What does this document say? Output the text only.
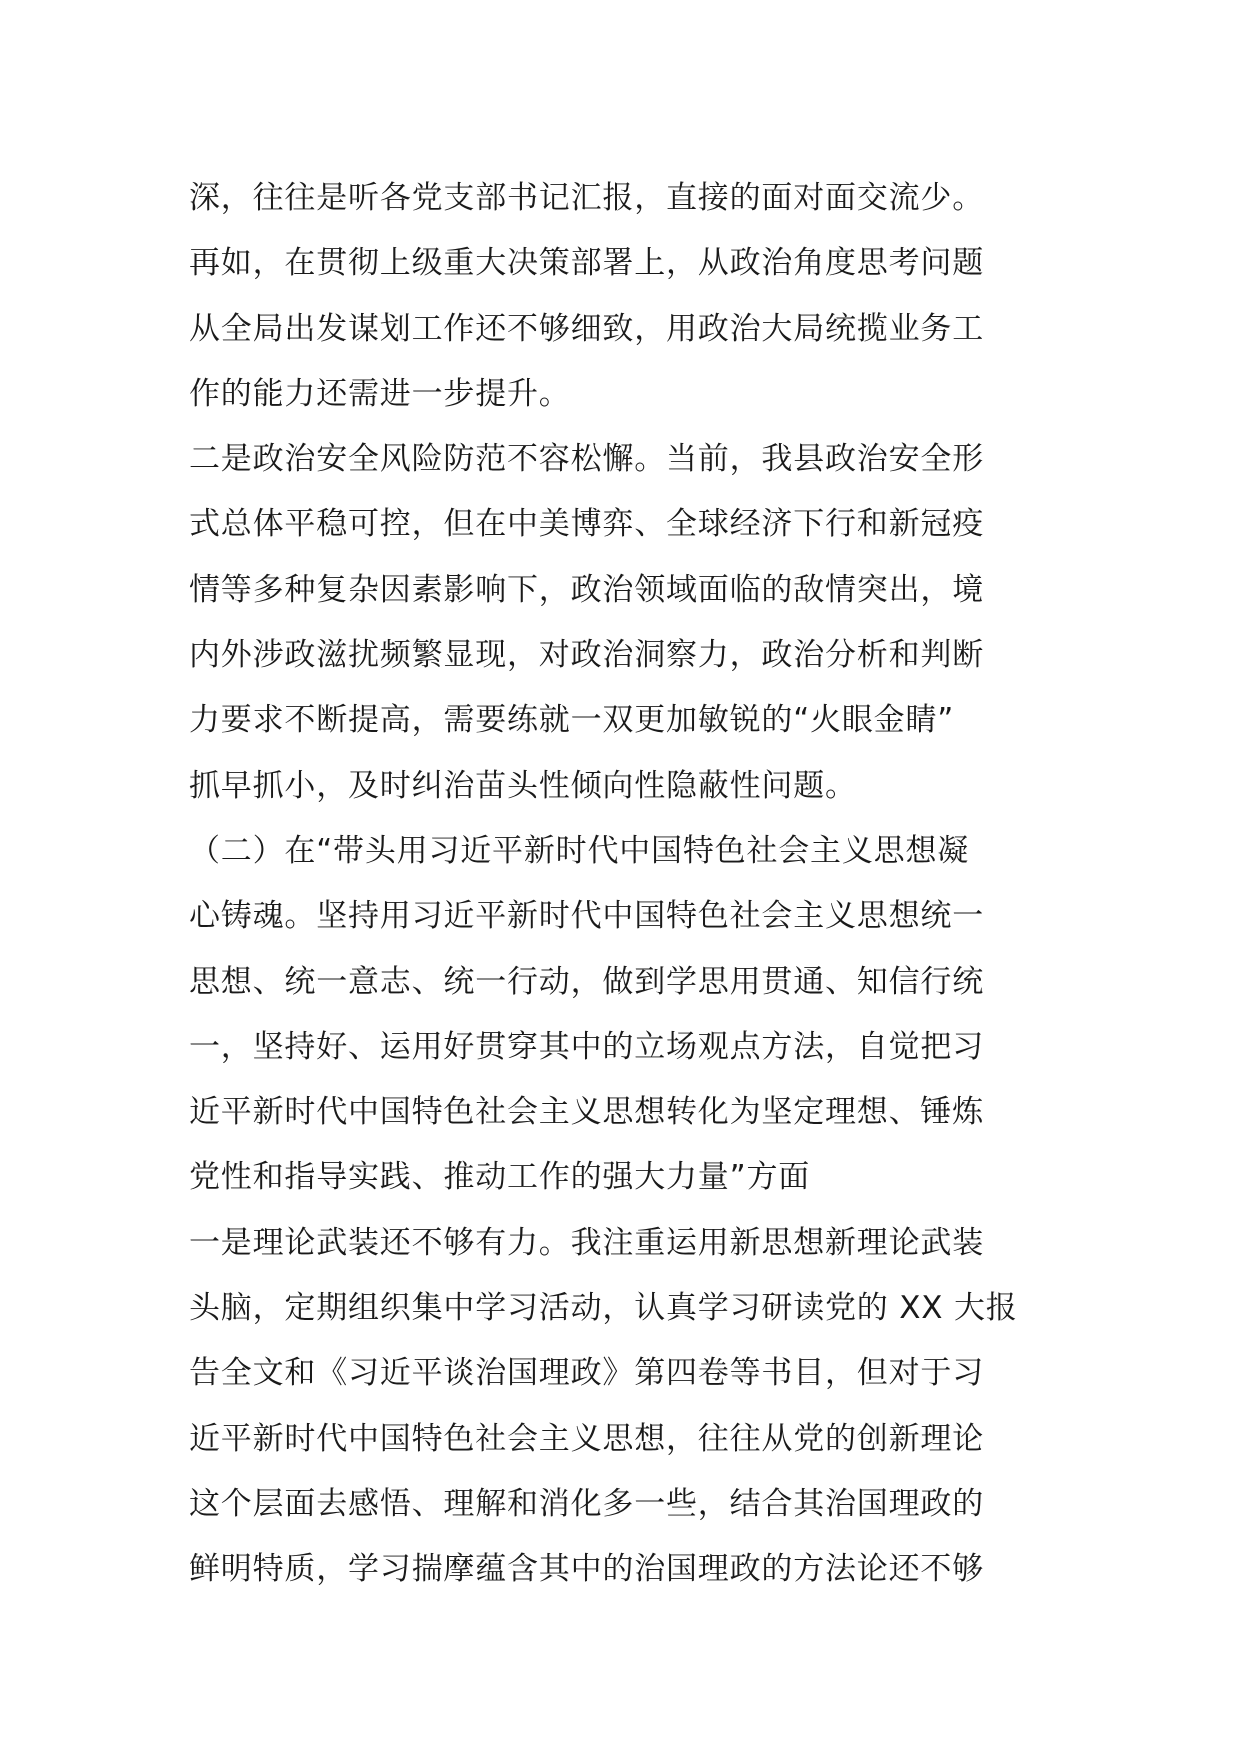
深，往往是听各党支部书记汇报，直接的面对面交流少。
再如，在贯彻上级重大决策部署上，从政治角度思考问题
从全局出发谋划工作还不够细致，用政治大局统揽业务工
作的能力还需进一步提升。
二是政治安全风险防范不容松懈。当前，我县政治安全形
式总体平稳可控，但在中美博弈、全球经济下行和新冠疫
情等多种复杂因素影响下，政治领域面临的敌情突出，境
内外涉政滋扰频繁显现，对政治洞察力，政治分析和判断
力要求不断提高，需要练就一双更加敏锐的“火眼金睛”
抓早抓小，及时纠治苗头性倾向性隐蔽性问题。
（二）在“带头用习近平新时代中国特色社会主义思想凝
心铸魂。坚持用习近平新时代中国特色社会主义思想统一
思想、统一意志、统一行动，做到学思用贯通、知信行统
一，坚持好、运用好贯穿其中的立场观点方法，自觉把习
近平新时代中国特色社会主义思想转化为坚定理想、锤炼
党性和指导实践、推动工作的强大力量”方面
一是理论武装还不够有力。我注重运用新思想新理论武装
头脑，定期组织集中学习活动，认真学习研读党的 XX 大报
告全文和《习近平谈治国理政》第四卷等书目，但对于习
近平新时代中国特色社会主义思想，往往从党的创新理论
这个层面去感悟、理解和消化多一些，结合其治国理政的
鲜明特质，学习揣摩蕴含其中的治国理政的方法论还不够
